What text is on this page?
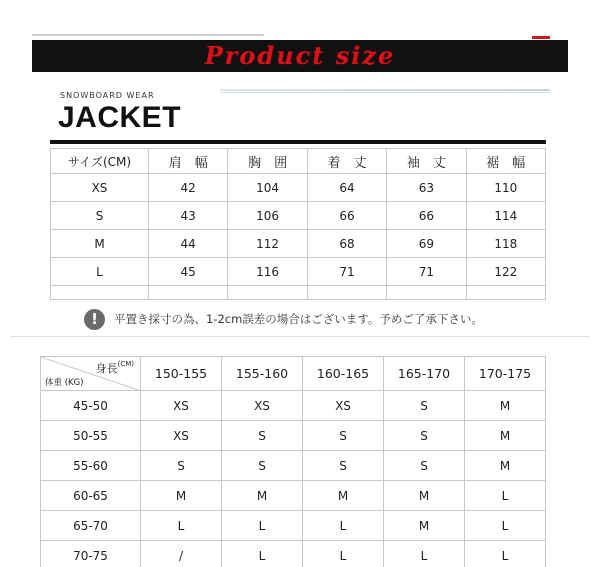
Product size
SNOWBOARD WEAR
JACKET
サイズ(CM)	肩　幅	胸　囲	着　丈	袖　丈	裾　幅
XS	42	104	64	63	110
S	43	106	66	66	114
M	44	112	68	69	118
L	45	116	71	71	122

!	平置き採寸の為、1-2cm誤差の場合はございます。予めご了承下さい。
身長$^{(CM)}$
体重 (KG)	150-155	155-160	160-165	165-170	170-175
45-50	XS	XS	XS	S	M
50-55	XS	S	S	S	M
55-60	S	S	S	S	M
60-65	M	M	M	M	L
65-70	L	L	L	M	L
70-75	/	L	L	L	L
